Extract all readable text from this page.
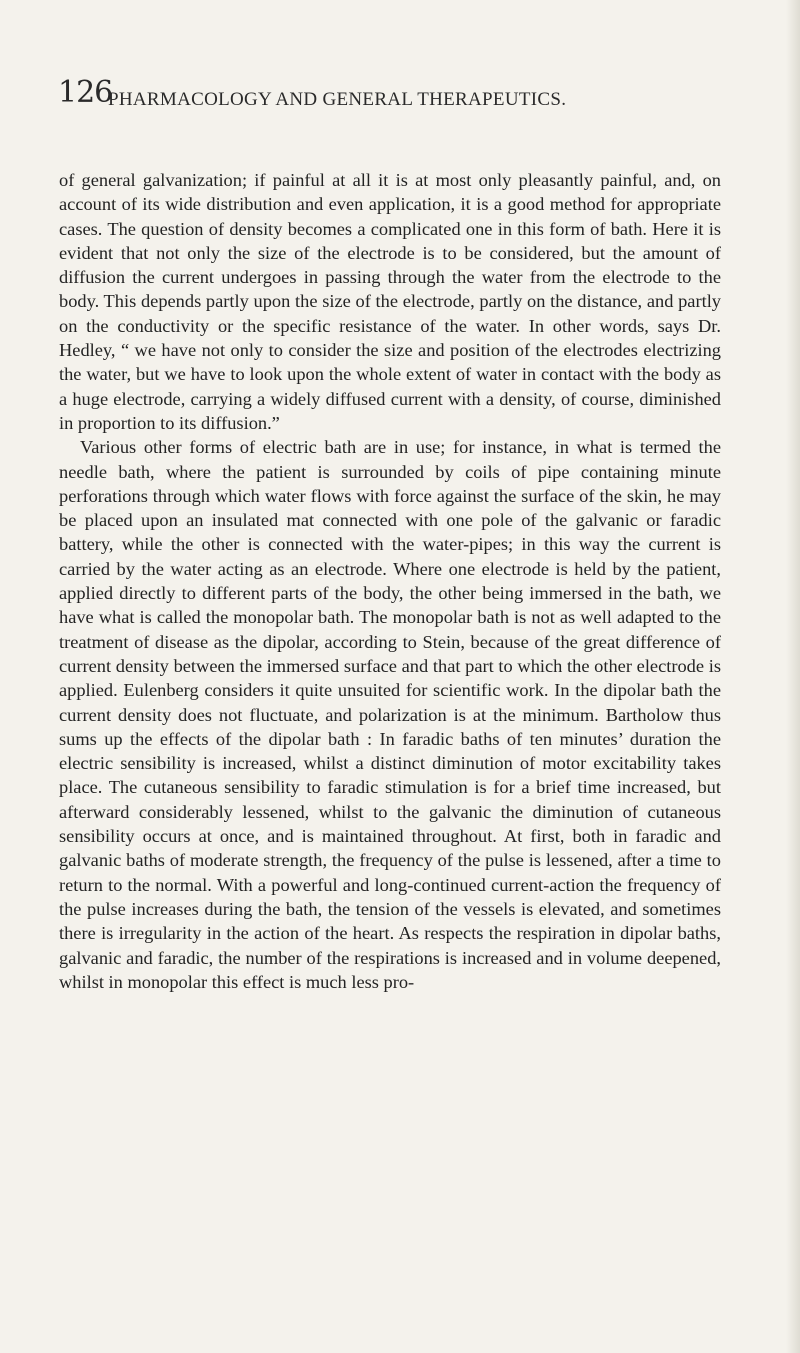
126
PHARMACOLOGY AND GENERAL THERAPEUTICS.

of general galvanization; if painful at all it is at most only pleasantly painful, and, on account of its wide distribution and even application, it is a good method for appropriate cases. The question of density becomes a complicated one in this form of bath. Here it is evident that not only the size of the electrode is to be considered, but the amount of diffusion the current undergoes in passing through the water from the electrode to the body. This depends partly upon the size of the electrode, partly on the distance, and partly on the conductivity or the specific resistance of the water. In other words, says Dr. Hedley, “ we have not only to consider the size and position of the electrodes electrizing the water, but we have to look upon the whole extent of water in contact with the body as a huge electrode, carrying a widely diffused current with a density, of course, diminished in proportion to its diffusion.”

Various other forms of electric bath are in use; for instance, in what is termed the needle bath, where the patient is surrounded by coils of pipe containing minute perforations through which water flows with force against the surface of the skin, he may be placed upon an insulated mat connected with one pole of the galvanic or faradic battery, while the other is connected with the water-pipes; in this way the current is carried by the water acting as an electrode. Where one electrode is held by the patient, applied directly to different parts of the body, the other being immersed in the bath, we have what is called the monopolar bath. The monopolar bath is not as well adapted to the treatment of disease as the dipolar, according to Stein, because of the great difference of current density between the immersed surface and that part to which the other electrode is applied. Eulenberg considers it quite unsuited for scientific work. In the dipolar bath the current density does not fluctuate, and polarization is at the minimum. Bartholow thus sums up the effects of the dipolar bath : In faradic baths of ten minutes’ duration the electric sensibility is increased, whilst a distinct diminution of motor excitability takes place. The cutaneous sensibility to faradic stimulation is for a brief time increased, but afterward considerably lessened, whilst to the galvanic the diminution of cutaneous sensibility occurs at once, and is maintained throughout. At first, both in faradic and galvanic baths of moderate strength, the frequency of the pulse is lessened, after a time to return to the normal. With a powerful and long-continued current-action the frequency of the pulse increases during the bath, the tension of the vessels is elevated, and sometimes there is irregularity in the action of the heart. As respects the respiration in dipolar baths, galvanic and faradic, the number of the respirations is increased and in volume deepened, whilst in monopolar this effect is much less pro-
